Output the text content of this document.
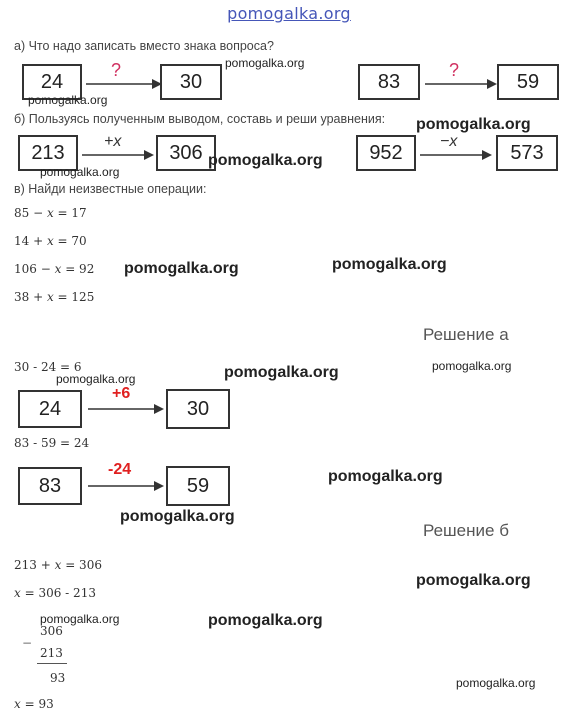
pomogalka.org
а) Что надо записать вместо знака вопроса?
24
?
30	83
?
59
б) Пользуясь полученным выводом, составь и реши уравнения:
213 +x 306	952 −x	573
в) Найди неизвестные операции:
85 − x = 17
14 + x = 70
106 − x = 92
38 + x = 125
Решение а
30 - 24 = 6
24
+6
30
83 - 59 = 24
83
-24
59
Решение б
213 + x = 306
x = 306 - 213
306
−
213
93
x = 93
pomogalka.org
pomogalka.org
pomogalka.org
pomogalka.org
pomogalka.org
pomogalka.org
pomogalka.org
pomogalka.org
pomogalka.org
pomogalka.org
pomogalka.org
pomogalka.org
pomogalka.org
pomogalka.org
pomogalka.org
pomogalka.org
